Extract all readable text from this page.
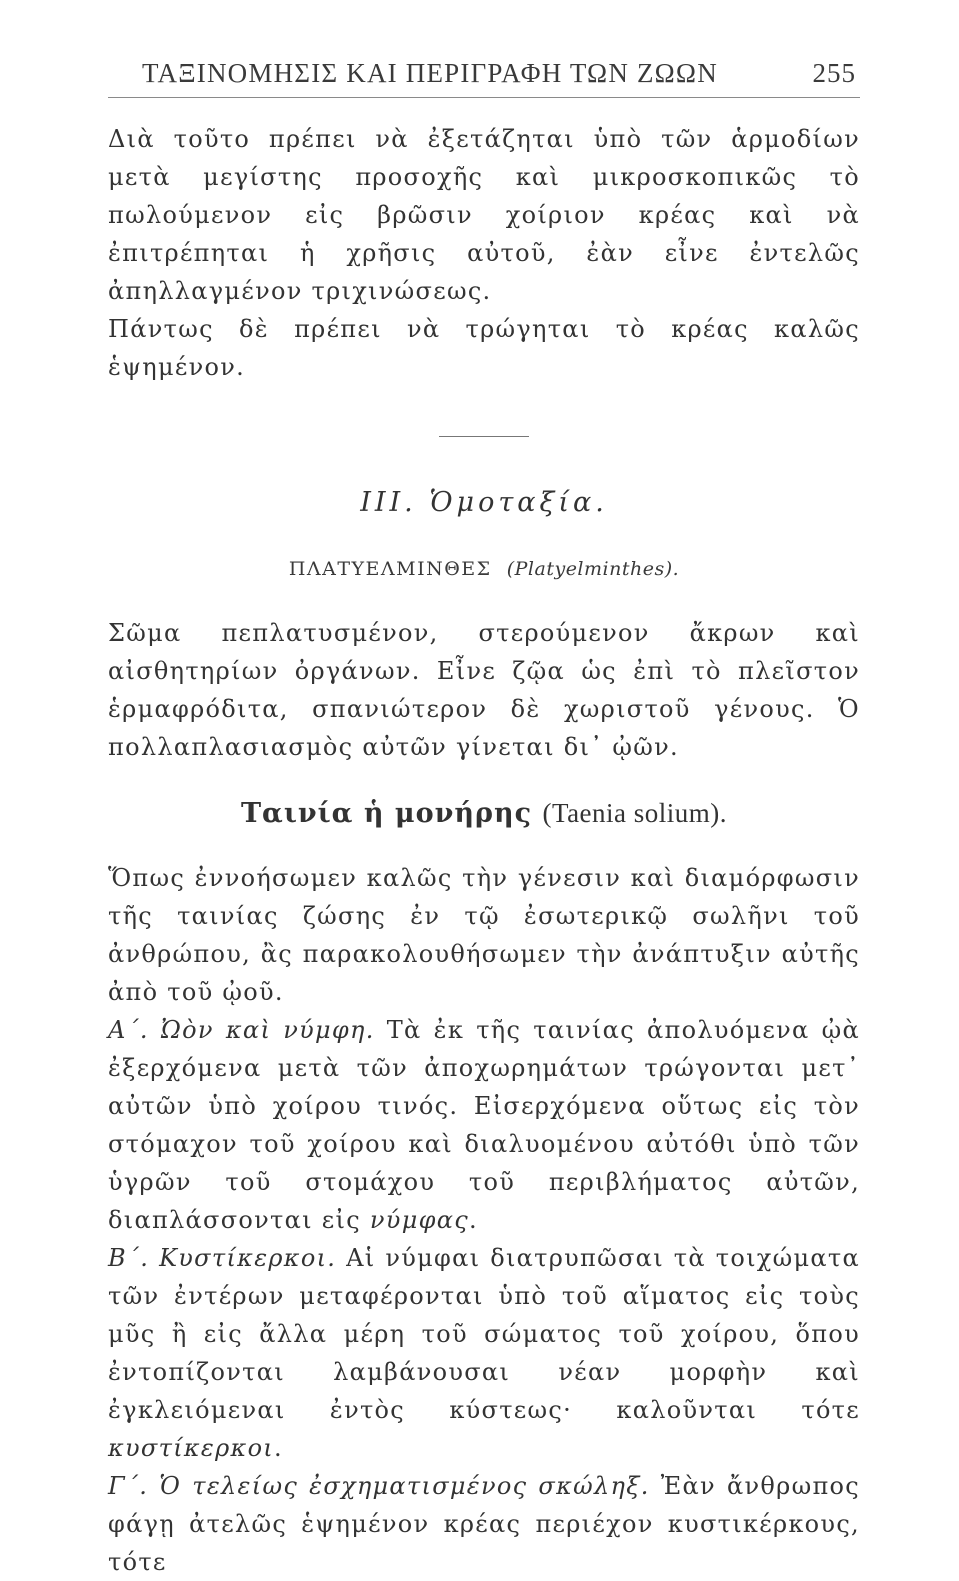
ΤΑΞΙΝΟΜΗΣΙΣ ΚΑΙ ΠΕΡΙΓΡΑΦΗ ΤΩΝ ΖΩΩΝ	255

Διὰ τοῦτο πρέπει νὰ ἐξετάζηται ὑπὸ τῶν ἁρμοδίων μετὰ μεγίστης προσοχῆς καὶ μικροσκοπικῶς τὸ πωλούμενον εἰς βρῶσιν χοίριον κρέας καὶ νὰ ἐπιτρέπηται ἡ χρῆσις αὐτοῦ, ἐὰν εἶνε ἐντελῶς ἀπηλλαγμένον τριχινώσεως.

Πάντως δὲ πρέπει νὰ τρώγηται τὸ κρέας καλῶς ἑψημένον.

III. Ὁμοταξία.
ΠΛΑΤΥΕΛΜΙΝΘΕΣ (Platyelminthes).

Σῶμα πεπλατυσμένον, στερούμενον ἄκρων καὶ αἰσθητηρίων ὀργάνων. Εἶνε ζῷα ὡς ἐπὶ τὸ πλεῖστον ἑρμαφρόδιτα, σπανιώτερον δὲ χωριστοῦ γένους. Ὁ πολλαπλασιασμὸς αὐτῶν γίνεται δι᾽ ᾠῶν.

Ταινία ἡ μονήρης (Taenia solium).

Ὅπως ἐννοήσωμεν καλῶς τὴν γένεσιν καὶ διαμόρφωσιν τῆς ταινίας ζώσης ἐν τῷ ἐσωτερικῷ σωλῆνι τοῦ ἀνθρώπου, ἂς παρακολουθήσωμεν τὴν ἀνάπτυξιν αὐτῆς ἀπὸ τοῦ ᾠοῦ.

Α´. Ὠὸν καὶ νύμφη. Τὰ ἐκ τῆς ταινίας ἀπολυόμενα ᾠὰ ἐξερχόμενα μετὰ τῶν ἀποχωρημάτων τρώγονται μετ᾽ αὐτῶν ὑπὸ χοίρου τινός. Εἰσερχόμενα οὕτως εἰς τὸν στόμαχον τοῦ χοίρου καὶ διαλυομένου αὐτόθι ὑπὸ τῶν ὑγρῶν τοῦ στομάχου τοῦ περιβλήματος αὐτῶν, διαπλάσσονται εἰς νύμφας.

Β´. Κυστίκερκοι. Αἱ νύμφαι διατρυπῶσαι τὰ τοιχώματα τῶν ἐντέρων μεταφέρονται ὑπὸ τοῦ αἵματος εἰς τοὺς μῦς ἢ εἰς ἄλλα μέρη τοῦ σώματος τοῦ χοίρου, ὅπου ἐντοπίζονται λαμβάνουσαι νέαν μορφὴν καὶ ἐγκλειόμεναι ἐντὸς κύστεως· καλοῦνται τότε κυστίκερκοι.

Γ´. Ὁ τελείως ἐσχηματισμένος σκώληξ. Ἐὰν ἄνθρωπος φάγῃ ἀτελῶς ἑψημένον κρέας περιέχον κυστικέρκους, τότε
